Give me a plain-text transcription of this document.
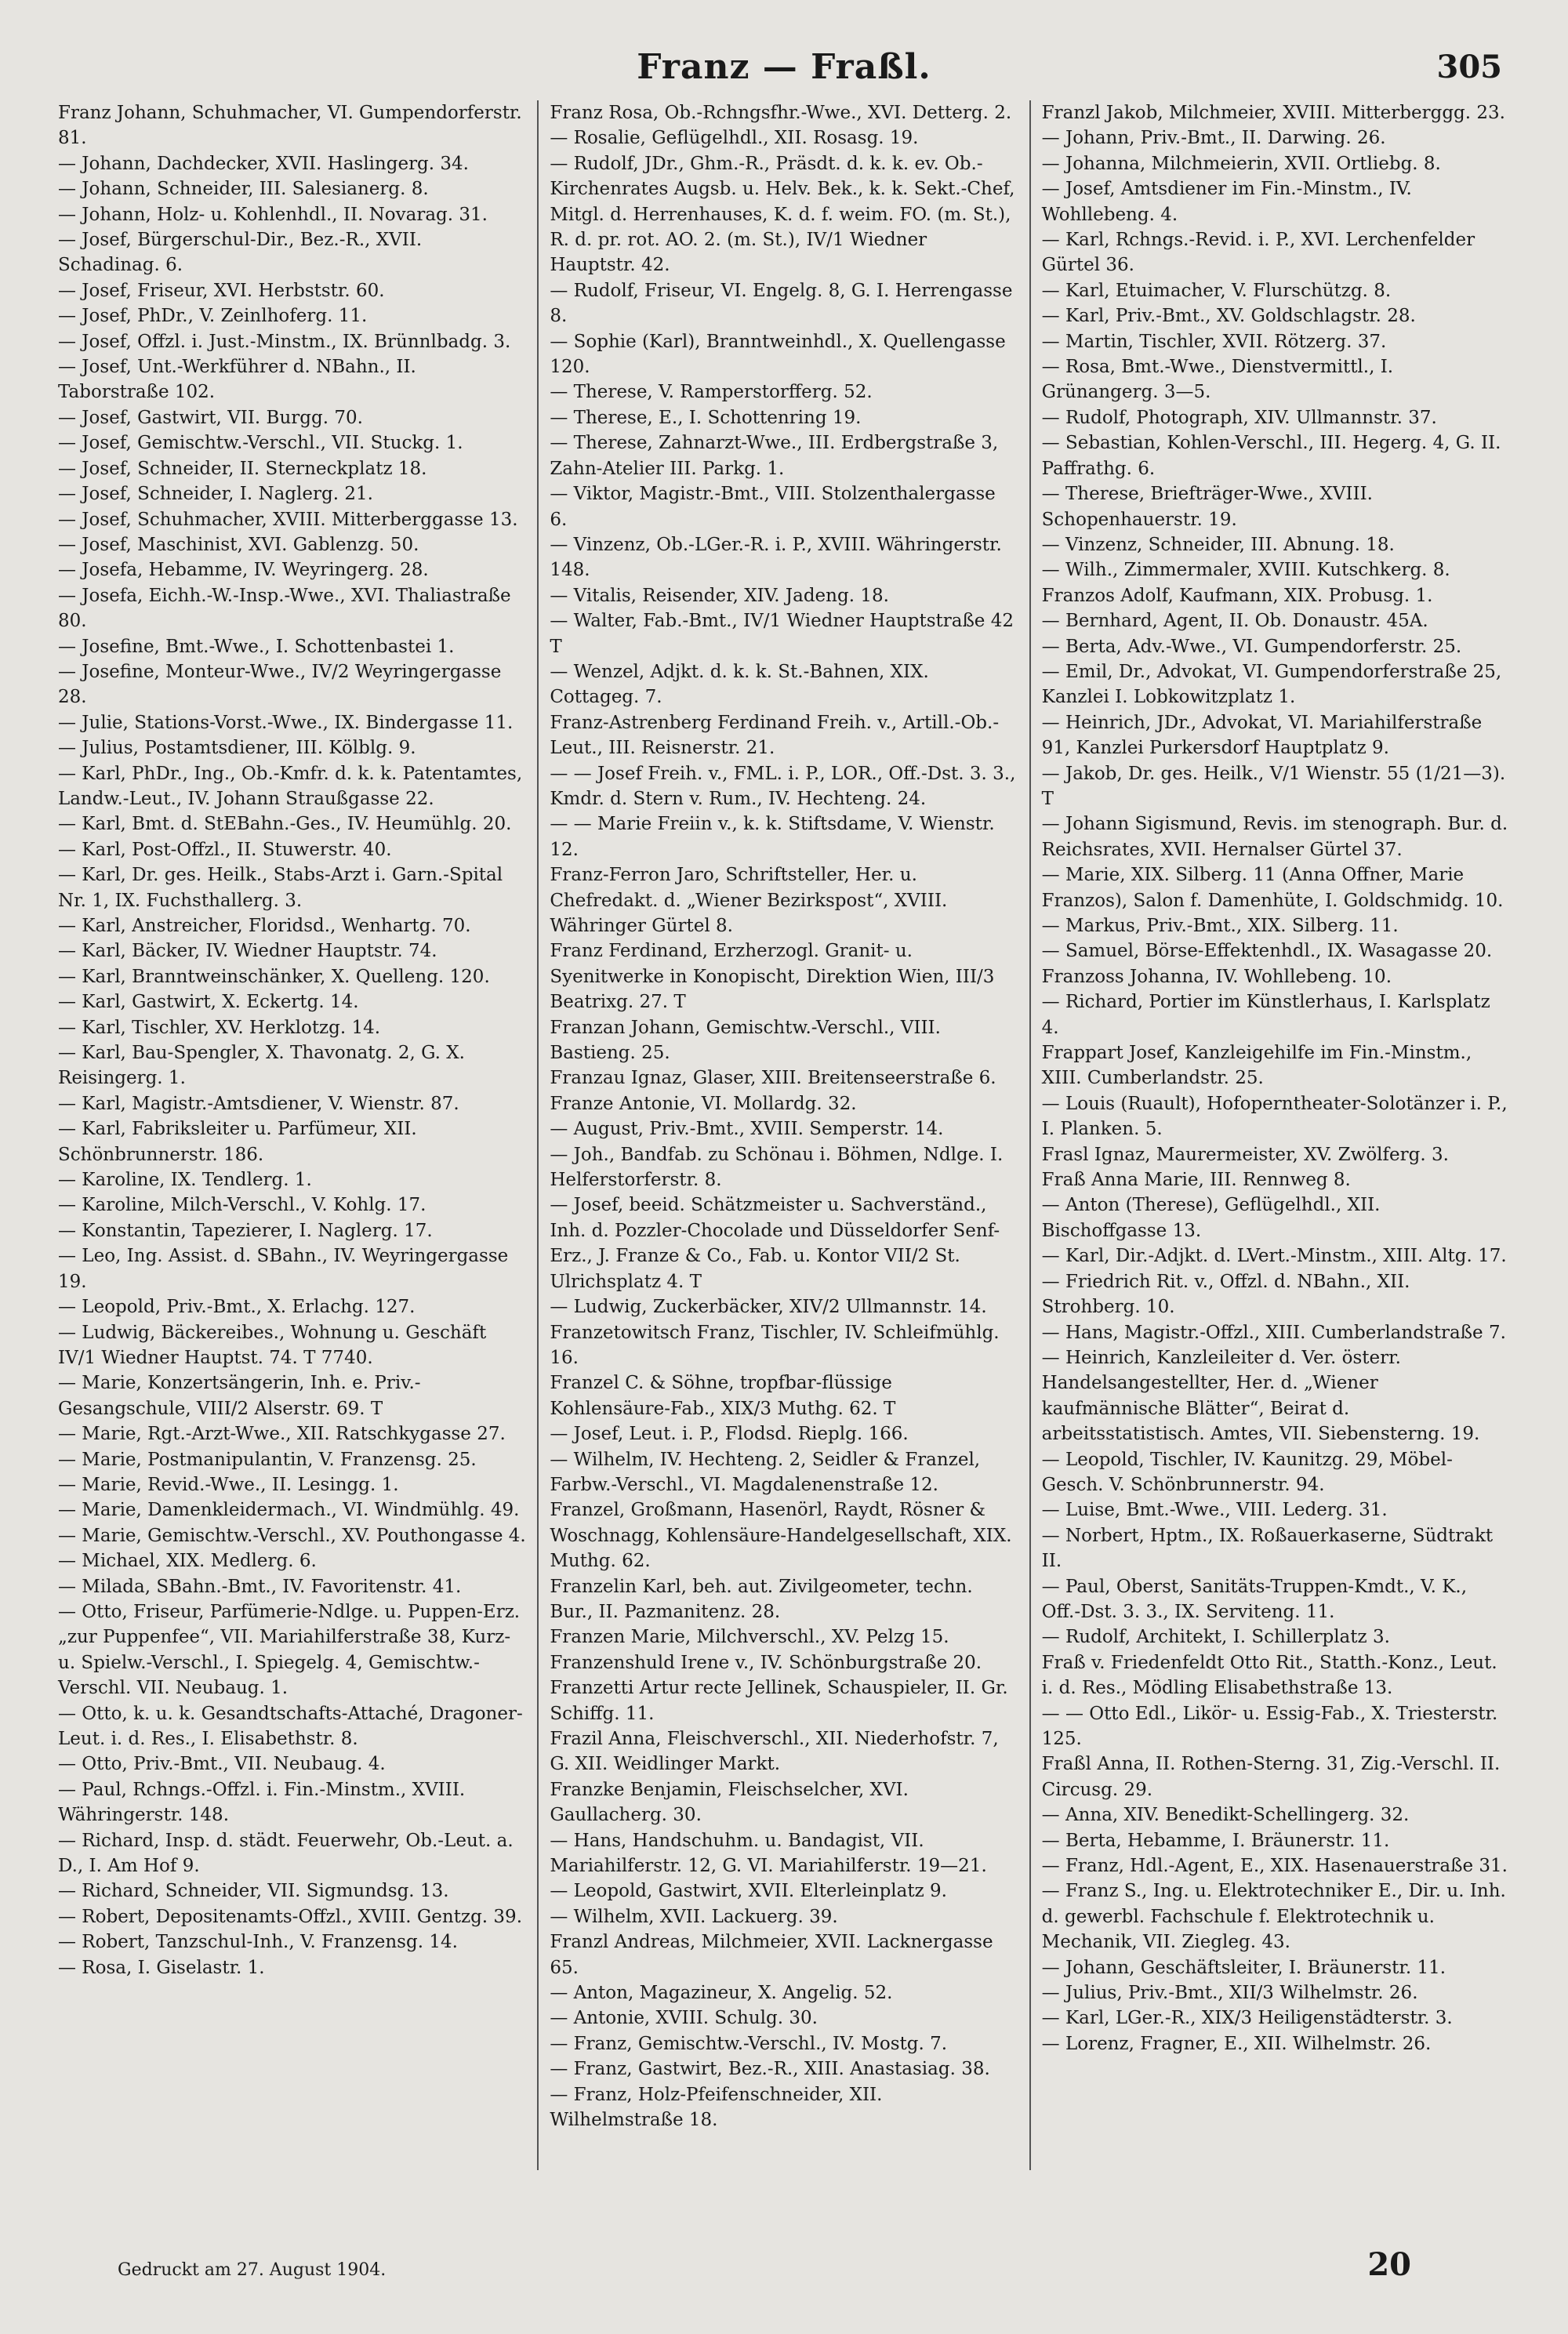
Franz — Fraßl.	305

Franz Johann, Schuhmacher, VI. Gumpendorferstr. 81.

— Johann, Dachdecker, XVII. Haslingerg. 34.

— Johann, Schneider, III. Salesianerg. 8.

— Johann, Holz- u. Kohlenhdl., II. Novarag. 31.

— Josef, Bürgerschul-Dir., Bez.-R., XVII. Schadinag. 6.

— Josef, Friseur, XVI. Herbststr. 60.

— Josef, PhDr., V. Zeinlhoferg. 11.

— Josef, Offzl. i. Just.-Minstm., IX. Brünnlbadg. 3.

— Josef, Unt.-Werkführer d. NBahn., II. Taborstraße 102.

— Josef, Gastwirt, VII. Burgg. 70.

— Josef, Gemischtw.-Verschl., VII. Stuckg. 1.

— Josef, Schneider, II. Sterneckplatz 18.

— Josef, Schneider, I. Naglerg. 21.

— Josef, Schuhmacher, XVIII. Mitterberggasse 13.

— Josef, Maschinist, XVI. Gablenzg. 50.

— Josefa, Hebamme, IV. Weyringerg. 28.

— Josefa, Eichh.-W.-Insp.-Wwe., XVI. Thaliastraße 80.

— Josefine, Bmt.-Wwe., I. Schottenbastei 1.

— Josefine, Monteur-Wwe., IV/2 Weyringergasse 28.

— Julie, Stations-Vorst.-Wwe., IX. Bindergasse 11.

— Julius, Postamtsdiener, III. Kölblg. 9.

— Karl, PhDr., Ing., Ob.-Kmfr. d. k. k. Patentamtes, Landw.-Leut., IV. Johann Straußgasse 22.

— Karl, Bmt. d. StEBahn.-Ges., IV. Heumühlg. 20.

— Karl, Post-Offzl., II. Stuwerstr. 40.

— Karl, Dr. ges. Heilk., Stabs-Arzt i. Garn.-Spital Nr. 1, IX. Fuchsthallerg. 3.

— Karl, Anstreicher, Floridsd., Wenhartg. 70.

— Karl, Bäcker, IV. Wiedner Hauptstr. 74.

— Karl, Branntweinschänker, X. Quelleng. 120.

— Karl, Gastwirt, X. Eckertg. 14.

— Karl, Tischler, XV. Herklotzg. 14.

— Karl, Bau-Spengler, X. Thavonatg. 2, G. X. Reisingerg. 1.

— Karl, Magistr.-Amtsdiener, V. Wienstr. 87.

— Karl, Fabriksleiter u. Parfümeur, XII. Schönbrunnerstr. 186.

— Karoline, IX. Tendlerg. 1.

— Karoline, Milch-Verschl., V. Kohlg. 17.

— Konstantin, Tapezierer, I. Naglerg. 17.

— Leo, Ing. Assist. d. SBahn., IV. Weyringergasse 19.

— Leopold, Priv.-Bmt., X. Erlachg. 127.

— Ludwig, Bäckereibes., Wohnung u. Geschäft IV/1 Wiedner Hauptst. 74. T 7740.

— Marie, Konzertsängerin, Inh. e. Priv.-Gesangschule, VIII/2 Alserstr. 69. T

— Marie, Rgt.-Arzt-Wwe., XII. Ratschkygasse 27.

— Marie, Postmanipulantin, V. Franzensg. 25.

— Marie, Revid.-Wwe., II. Lesingg. 1.

— Marie, Damenkleidermach., VI. Windmühlg. 49.

— Marie, Gemischtw.-Verschl., XV. Pouthongasse 4.

— Michael, XIX. Medlerg. 6.

— Milada, SBahn.-Bmt., IV. Favoritenstr. 41.

— Otto, Friseur, Parfümerie-Ndlge. u. Puppen-Erz. „zur Puppenfee“, VII. Mariahilferstraße 38, Kurz- u. Spielw.-Verschl., I. Spiegelg. 4, Gemischtw.-Verschl. VII. Neubaug. 1.

— Otto, k. u. k. Gesandtschafts-Attaché, Dragoner-Leut. i. d. Res., I. Elisabethstr. 8.

— Otto, Priv.-Bmt., VII. Neubaug. 4.

— Paul, Rchngs.-Offzl. i. Fin.-Minstm., XVIII. Währingerstr. 148.

— Richard, Insp. d. städt. Feuerwehr, Ob.-Leut. a. D., I. Am Hof 9.

— Richard, Schneider, VII. Sigmundsg. 13.

— Robert, Depositenamts-Offzl., XVIII. Gentzg. 39.

— Robert, Tanzschul-Inh., V. Franzensg. 14.

— Rosa, I. Giselastr. 1.

Franz Rosa, Ob.-Rchngsfhr.-Wwe., XVI. Detterg. 2.

— Rosalie, Geflügelhdl., XII. Rosasg. 19.

— Rudolf, JDr., Ghm.-R., Präsdt. d. k. k. ev. Ob.-Kirchenrates Augsb. u. Helv. Bek., k. k. Sekt.-Chef, Mitgl. d. Herrenhauses, K. d. f. weim. FO. (m. St.), R. d. pr. rot. AO. 2. (m. St.), IV/1 Wiedner Hauptstr. 42.

— Rudolf, Friseur, VI. Engelg. 8, G. I. Herrengasse 8.

— Sophie (Karl), Branntweinhdl., X. Quellengasse 120.

— Therese, V. Ramperstorfferg. 52.

— Therese, E., I. Schottenring 19.

— Therese, Zahnarzt-Wwe., III. Erdbergstraße 3, Zahn-Atelier III. Parkg. 1.

— Viktor, Magistr.-Bmt., VIII. Stolzenthalergasse 6.

— Vinzenz, Ob.-LGer.-R. i. P., XVIII. Währingerstr. 148.

— Vitalis, Reisender, XIV. Jadeng. 18.

— Walter, Fab.-Bmt., IV/1 Wiedner Hauptstraße 42 T

— Wenzel, Adjkt. d. k. k. St.-Bahnen, XIX. Cottageg. 7.

Franz-Astrenberg Ferdinand Freih. v., Artill.-Ob.-Leut., III. Reisnerstr. 21.

— — Josef Freih. v., FML. i. P., LOR., Off.-Dst. 3. 3., Kmdr. d. Stern v. Rum., IV. Hechteng. 24.

— — Marie Freiin v., k. k. Stiftsdame, V. Wienstr. 12.

Franz-Ferron Jaro, Schriftsteller, Her. u. Chefredakt. d. „Wiener Bezirkspost“, XVIII. Währinger Gürtel 8.

Franz Ferdinand, Erzherzogl. Granit- u. Syenitwerke in Konopischt, Direktion Wien, III/3 Beatrixg. 27. T

Franzan Johann, Gemischtw.-Verschl., VIII. Bastieng. 25.

Franzau Ignaz, Glaser, XIII. Breitenseerstraße 6.

Franze Antonie, VI. Mollardg. 32.

— August, Priv.-Bmt., XVIII. Semperstr. 14.

— Joh., Bandfab. zu Schönau i. Böhmen, Ndlge. I. Helferstorferstr. 8.

— Josef, beeid. Schätzmeister u. Sachverständ., Inh. d. Pozzler-Chocolade und Düsseldorfer Senf-Erz., J. Franze & Co., Fab. u. Kontor VII/2 St. Ulrichsplatz 4. T

— Ludwig, Zuckerbäcker, XIV/2 Ullmannstr. 14.

Franzetowitsch Franz, Tischler, IV. Schleifmühlg. 16.

Franzel C. & Söhne, tropfbar-flüssige Kohlensäure-Fab., XIX/3 Muthg. 62. T

— Josef, Leut. i. P., Flodsd. Rieplg. 166.

— Wilhelm, IV. Hechteng. 2, Seidler & Franzel, Farbw.-Verschl., VI. Magdalenenstraße 12.

Franzel, Großmann, Hasenörl, Raydt, Rösner & Woschnagg, Kohlensäure-Handelgesellschaft, XIX. Muthg. 62.

Franzelin Karl, beh. aut. Zivilgeometer, techn. Bur., II. Pazmanitenz. 28.

Franzen Marie, Milchverschl., XV. Pelzg 15.

Franzenshuld Irene v., IV. Schönburgstraße 20.

Franzetti Artur recte Jellinek, Schauspieler, II. Gr. Schiffg. 11.

Frazil Anna, Fleischverschl., XII. Niederhofstr. 7, G. XII. Weidlinger Markt.

Franzke Benjamin, Fleischselcher, XVI. Gaullacherg. 30.

— Hans, Handschuhm. u. Bandagist, VII. Mariahilferstr. 12, G. VI. Mariahilferstr. 19—21.

— Leopold, Gastwirt, XVII. Elterleinplatz 9.

— Wilhelm, XVII. Lackuerg. 39.

Franzl Andreas, Milchmeier, XVII. Lacknergasse 65.

— Anton, Magazineur, X. Angelig. 52.

— Antonie, XVIII. Schulg. 30.

— Franz, Gemischtw.-Verschl., IV. Mostg. 7.

— Franz, Gastwirt, Bez.-R., XIII. Anastasiag. 38.

— Franz, Holz-Pfeifenschneider, XII. Wilhelmstraße 18.

Franzl Jakob, Milchmeier, XVIII. Mitterberggg. 23.

— Johann, Priv.-Bmt., II. Darwing. 26.

— Johanna, Milchmeierin, XVII. Ortliebg. 8.

— Josef, Amtsdiener im Fin.-Minstm., IV. Wohllebeng. 4.

— Karl, Rchngs.-Revid. i. P., XVI. Lerchenfelder Gürtel 36.

— Karl, Etuimacher, V. Flurschützg. 8.

— Karl, Priv.-Bmt., XV. Goldschlagstr. 28.

— Martin, Tischler, XVII. Rötzerg. 37.

— Rosa, Bmt.-Wwe., Dienstvermittl., I. Grünangerg. 3—5.

— Rudolf, Photograph, XIV. Ullmannstr. 37.

— Sebastian, Kohlen-Verschl., III. Hegerg. 4, G. II. Paffrathg. 6.

— Therese, Briefträger-Wwe., XVIII. Schopenhauerstr. 19.

— Vinzenz, Schneider, III. Abnung. 18.

— Wilh., Zimmermaler, XVIII. Kutschkerg. 8.

Franzos Adolf, Kaufmann, XIX. Probusg. 1.

— Bernhard, Agent, II. Ob. Donaustr. 45A.

— Berta, Adv.-Wwe., VI. Gumpendorferstr. 25.

— Emil, Dr., Advokat, VI. Gumpendorferstraße 25, Kanzlei I. Lobkowitzplatz 1.

— Heinrich, JDr., Advokat, VI. Mariahilferstraße 91, Kanzlei Purkersdorf Hauptplatz 9.

— Jakob, Dr. ges. Heilk., V/1 Wienstr. 55 (1/21—3). T

— Johann Sigismund, Revis. im stenograph. Bur. d. Reichsrates, XVII. Hernalser Gürtel 37.

— Marie, XIX. Silberg. 11 (Anna Offner, Marie Franzos), Salon f. Damenhüte, I. Goldschmidg. 10.

— Markus, Priv.-Bmt., XIX. Silberg. 11.

— Samuel, Börse-Effektenhdl., IX. Wasagasse 20.

Franzoss Johanna, IV. Wohllebeng. 10.

— Richard, Portier im Künstlerhaus, I. Karlsplatz 4.

Frappart Josef, Kanzleigehilfe im Fin.-Minstm., XIII. Cumberlandstr. 25.

— Louis (Ruault), Hofoperntheater-Solotänzer i. P., I. Planken. 5.

Frasl Ignaz, Maurermeister, XV. Zwölferg. 3.

Fraß Anna Marie, III. Rennweg 8.

— Anton (Therese), Geflügelhdl., XII. Bischoffgasse 13.

— Karl, Dir.-Adjkt. d. LVert.-Minstm., XIII. Altg. 17.

— Friedrich Rit. v., Offzl. d. NBahn., XII. Strohberg. 10.

— Hans, Magistr.-Offzl., XIII. Cumberlandstraße 7.

— Heinrich, Kanzleileiter d. Ver. österr. Handelsangestellter, Her. d. „Wiener kaufmännische Blätter“, Beirat d. arbeitsstatistisch. Amtes, VII. Siebensterng. 19.

— Leopold, Tischler, IV. Kaunitzg. 29, Möbel-Gesch. V. Schönbrunnerstr. 94.

— Luise, Bmt.-Wwe., VIII. Lederg. 31.

— Norbert, Hptm., IX. Roßauerkaserne, Südtrakt II.

— Paul, Oberst, Sanitäts-Truppen-Kmdt., V. K., Off.-Dst. 3. 3., IX. Serviteng. 11.

— Rudolf, Architekt, I. Schillerplatz 3.

Fraß v. Friedenfeldt Otto Rit., Statth.-Konz., Leut. i. d. Res., Mödling Elisabethstraße 13.

— — Otto Edl., Likör- u. Essig-Fab., X. Triesterstr. 125.

Fraßl Anna, II. Rothen-Sterng. 31, Zig.-Verschl. II. Circusg. 29.

— Anna, XIV. Benedikt-Schellingerg. 32.

— Berta, Hebamme, I. Bräunerstr. 11.

— Franz, Hdl.-Agent, E., XIX. Hasenauerstraße 31.

— Franz S., Ing. u. Elektrotechniker E., Dir. u. Inh. d. gewerbl. Fachschule f. Elektrotechnik u. Mechanik, VII. Ziegleg. 43.

— Johann, Geschäftsleiter, I. Bräunerstr. 11.

— Julius, Priv.-Bmt., XII/3 Wilhelmstr. 26.

— Karl, LGer.-R., XIX/3 Heiligenstädterstr. 3.

— Lorenz, Fragner, E., XII. Wilhelmstr. 26.

Gedruckt am 27. August 1904.	20
